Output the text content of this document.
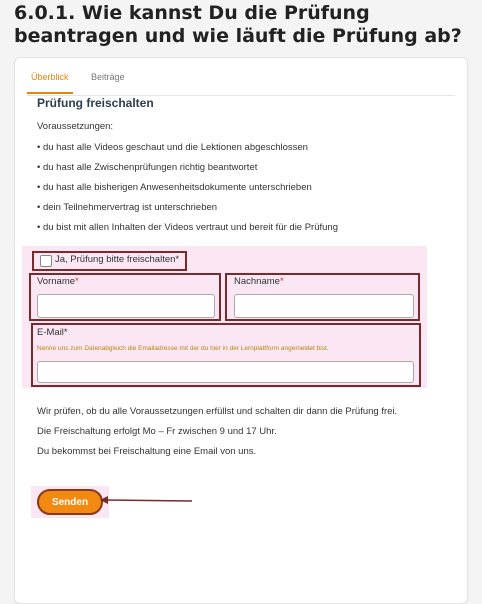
6.0.1. Wie kannst Du die Prüfung beantragen und wie läuft die Prüfung ab?
Überblick Beiträge
Prüfung freischalten
Voraussetzungen:
• du hast alle Videos geschaut und die Lektionen abgeschlossen
• du hast alle Zwischenprüfungen richtig beantwortet
• du hast alle bisherigen Anwesenheitsdokumente unterschrieben
• dein Teilnehmervertrag ist unterschrieben
• du bist mit allen Inhalten der Videos vertraut und bereit für die Prüfung
Ja, Prüfung bitte freischalten*
Vorname*	Nachname*
E-Mail*
Nenne uns zum Datenabgleich die Emailadresse mit der du hier in der Lernplattform angemeldet bist.
Wir prüfen, ob du alle Voraussetzungen erfüllst und schalten dir dann die Prüfung frei.
Die Freischaltung erfolgt Mo – Fr zwischen 9 und 17 Uhr.
Du bekommst bei Freischaltung eine Email von uns.
Senden
